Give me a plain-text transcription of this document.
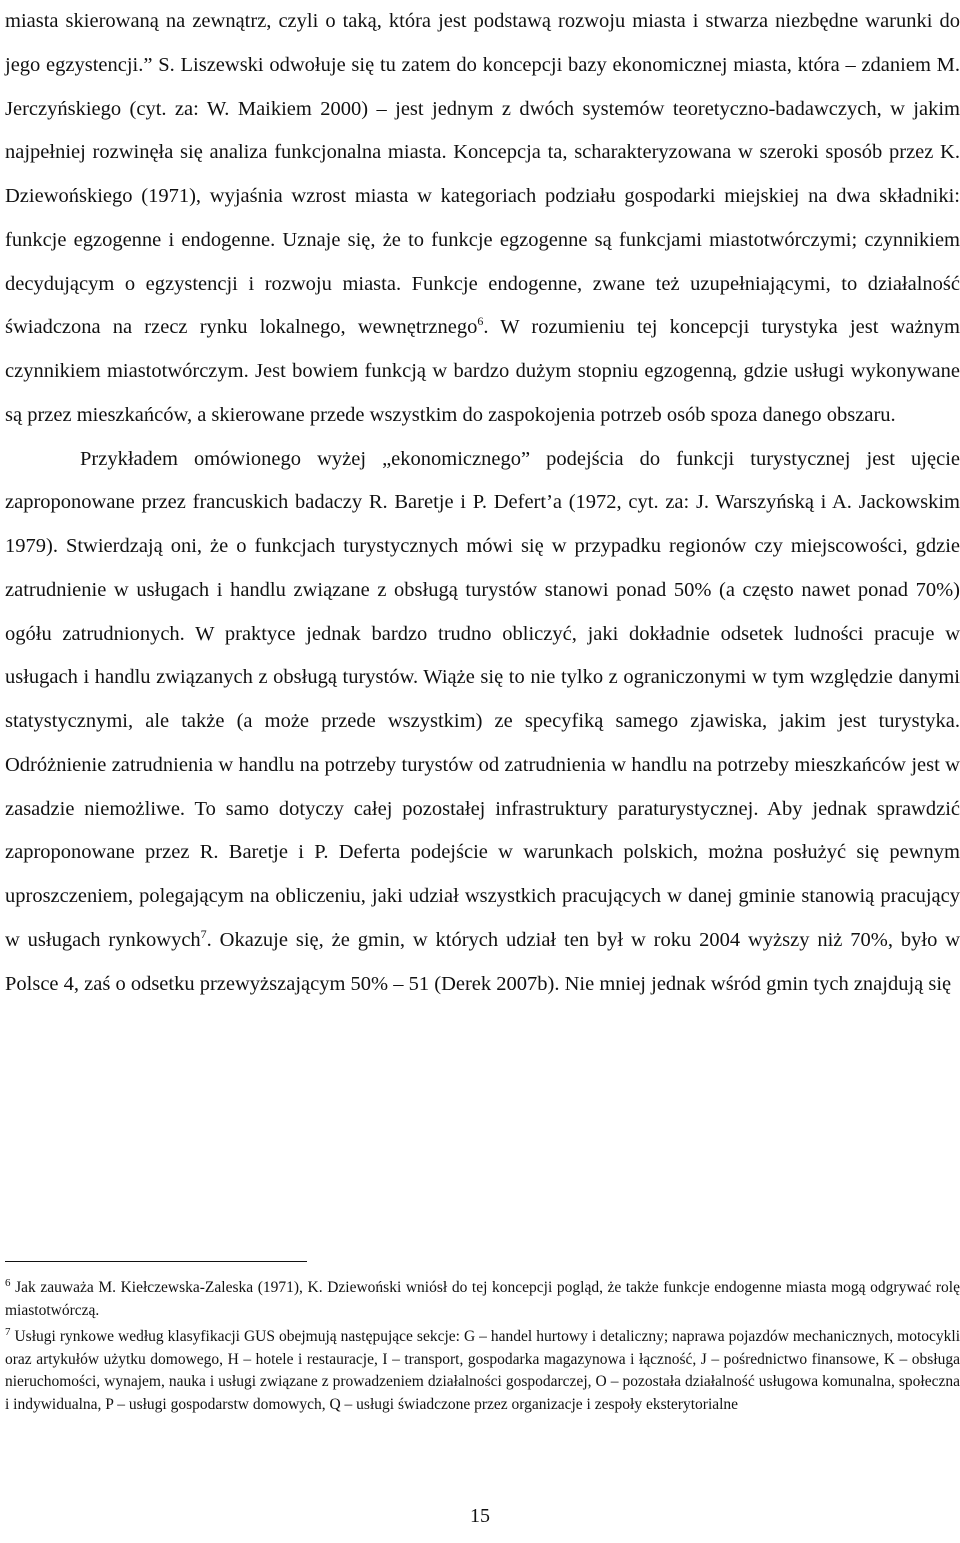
miasta skierowaną na zewnątrz, czyli o taką, która jest podstawą rozwoju miasta i stwarza niezbędne warunki do jego egzystencji.” S. Liszewski odwołuje się tu zatem do koncepcji bazy ekonomicznej miasta, która – zdaniem M. Jerczyńskiego (cyt. za: W. Maikiem 2000) – jest jednym z dwóch systemów teoretyczno-badawczych, w jakim najpełniej rozwinęła się analiza funkcjonalna miasta. Koncepcja ta, scharakteryzowana w szeroki sposób przez K. Dziewońskiego (1971), wyjaśnia wzrost miasta w kategoriach podziału gospodarki miejskiej na dwa składniki: funkcje egzogenne i endogenne. Uznaje się, że to funkcje egzogenne są funkcjami miastotwórczymi; czynnikiem decydującym o egzystencji i rozwoju miasta. Funkcje endogenne, zwane też uzupełniającymi, to działalność świadczona na rzecz rynku lokalnego, wewnętrznego$^6$. W rozumieniu tej koncepcji turystyka jest ważnym czynnikiem miastotwórczym. Jest bowiem funkcją w bardzo dużym stopniu egzogenną, gdzie usługi wykonywane są przez mieszkańców, a skierowane przede wszystkim do zaspokojenia potrzeb osób spoza danego obszaru.

Przykładem omówionego wyżej „ekonomicznego” podejścia do funkcji turystycznej jest ujęcie zaproponowane przez francuskich badaczy R. Baretje i P. Defert’a (1972, cyt. za: J. Warszyńską i A. Jackowskim 1979). Stwierdzają oni, że o funkcjach turystycznych mówi się w przypadku regionów czy miejscowości, gdzie zatrudnienie w usługach i handlu związane z obsługą turystów stanowi ponad 50% (a często nawet ponad 70%) ogółu zatrudnionych. W praktyce jednak bardzo trudno obliczyć, jaki dokładnie odsetek ludności pracuje w usługach i handlu związanych z obsługą turystów. Wiąże się to nie tylko z ograniczonymi w tym względzie danymi statystycznymi, ale także (a może przede wszystkim) ze specyfiką samego zjawiska, jakim jest turystyka. Odróżnienie zatrudnienia w handlu na potrzeby turystów od zatrudnienia w handlu na potrzeby mieszkańców jest w zasadzie niemożliwe. To samo dotyczy całej pozostałej infrastruktury paraturystycznej. Aby jednak sprawdzić zaproponowane przez R. Baretje i P. Deferta podejście w warunkach polskich, można posłużyć się pewnym uproszczeniem, polegającym na obliczeniu, jaki udział wszystkich pracujących w danej gminie stanowią pracujący w usługach rynkowych$^7$. Okazuje się, że gmin, w których udział ten był w roku 2004 wyższy niż 70%, było w Polsce 4, zaś o odsetku przewyższającym 50% – 51 (Derek 2007b). Nie mniej jednak wśród gmin tych znajdują się

$^6$ Jak zauważa M. Kiełczewska-Zaleska (1971), K. Dziewoński wniósł do tej koncepcji pogląd, że także funkcje endogenne miasta mogą odgrywać rolę miastotwórczą.

$^7$ Usługi rynkowe według klasyfikacji GUS obejmują następujące sekcje: G – handel hurtowy i detaliczny; naprawa pojazdów mechanicznych, motocykli oraz artykułów użytku domowego, H – hotele i restauracje, I – transport, gospodarka magazynowa i łączność, J – pośrednictwo finansowe, K – obsługa nieruchomości, wynajem, nauka i usługi związane z prowadzeniem działalności gospodarczej, O – pozostała działalność usługowa komunalna, społeczna i indywidualna, P – usługi gospodarstw domowych, Q – usługi świadczone przez organizacje i zespoły eksterytorialne

15
